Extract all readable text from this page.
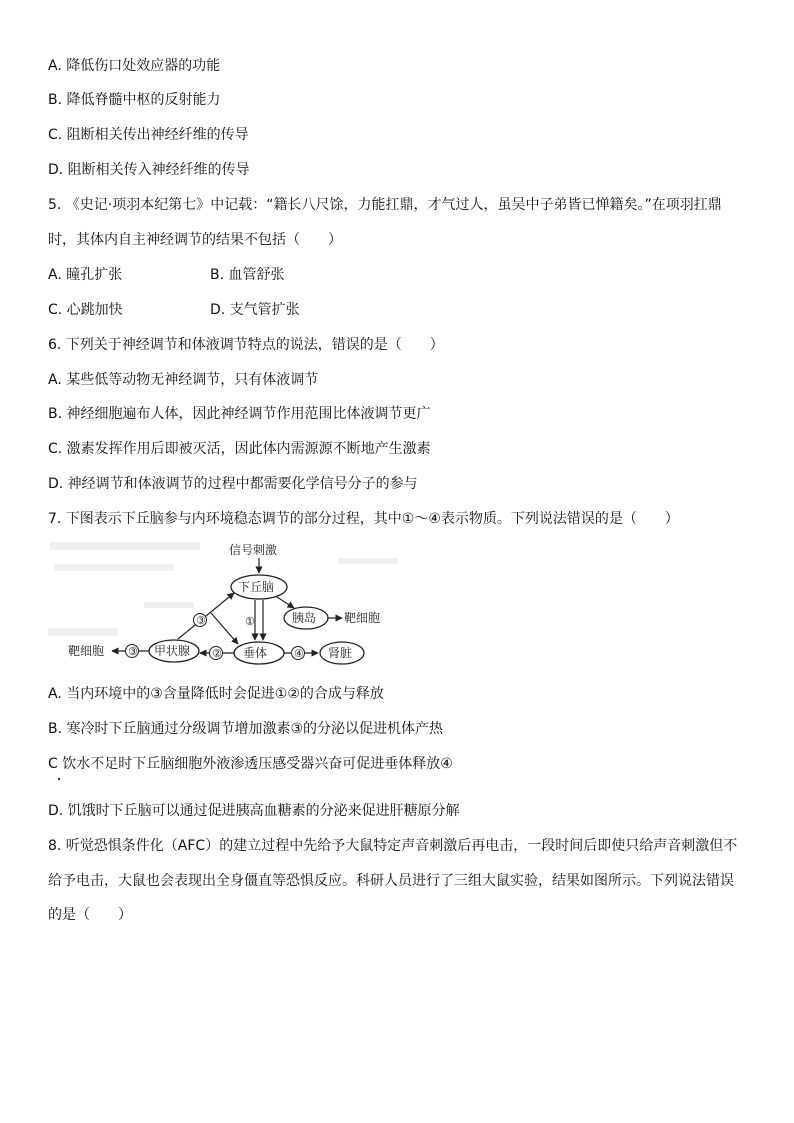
A. 降低伤口处效应器的功能
B. 降低脊髓中枢的反射能力
C. 阻断相关传出神经纤维的传导
D. 阻断相关传入神经纤维的传导
5. 《史记·项羽本纪第七》中记载：“籍长八尺馀，力能扛鼎，才气过人，虽吴中子弟皆已惮籍矣。”在项羽扛鼎
时，其体内自主神经调节的结果不包括（　　）
A. 瞳孔扩张	B. 血管舒张
C. 心跳加快	D. 支气管扩张
6. 下列关于神经调节和体液调节特点的说法，错误的是（　　）
A. 某些低等动物无神经调节，只有体液调节
B. 神经细胞遍布人体，因此神经调节作用范围比体液调节更广
C. 激素发挥作用后即被灭活，因此体内需源源不断地产生激素
D. 神经调节和体液调节的过程中都需要化学信号分子的参与
7. 下图表示下丘脑参与内环境稳态调节的部分过程，其中①～④表示物质。下列说法错误的是（　　）
信号刺激
下丘脑
胰岛 靶细胞
①
垂体 ④ 肾脏
②
甲状腺
③
靶细胞
③
A. 当内环境中的③含量降低时会促进①②的合成与释放
B. 寒冷时下丘脑通过分级调节增加激素③的分泌以促进机体产热
C 饮水不足时下丘脑细胞外液渗透压感受器兴奋可促进垂体释放④
D. 饥饿时下丘脑可以通过促进胰高血糖素的分泌来促进肝糖原分解
8. 听觉恐惧条件化（AFC）的建立过程中先给予大鼠特定声音刺激后再电击，一段时间后即使只给声音刺激但不
给予电击，大鼠也会表现出全身僵直等恐惧反应。科研人员进行了三组大鼠实验，结果如图所示。下列说法错误
的是（　　）
